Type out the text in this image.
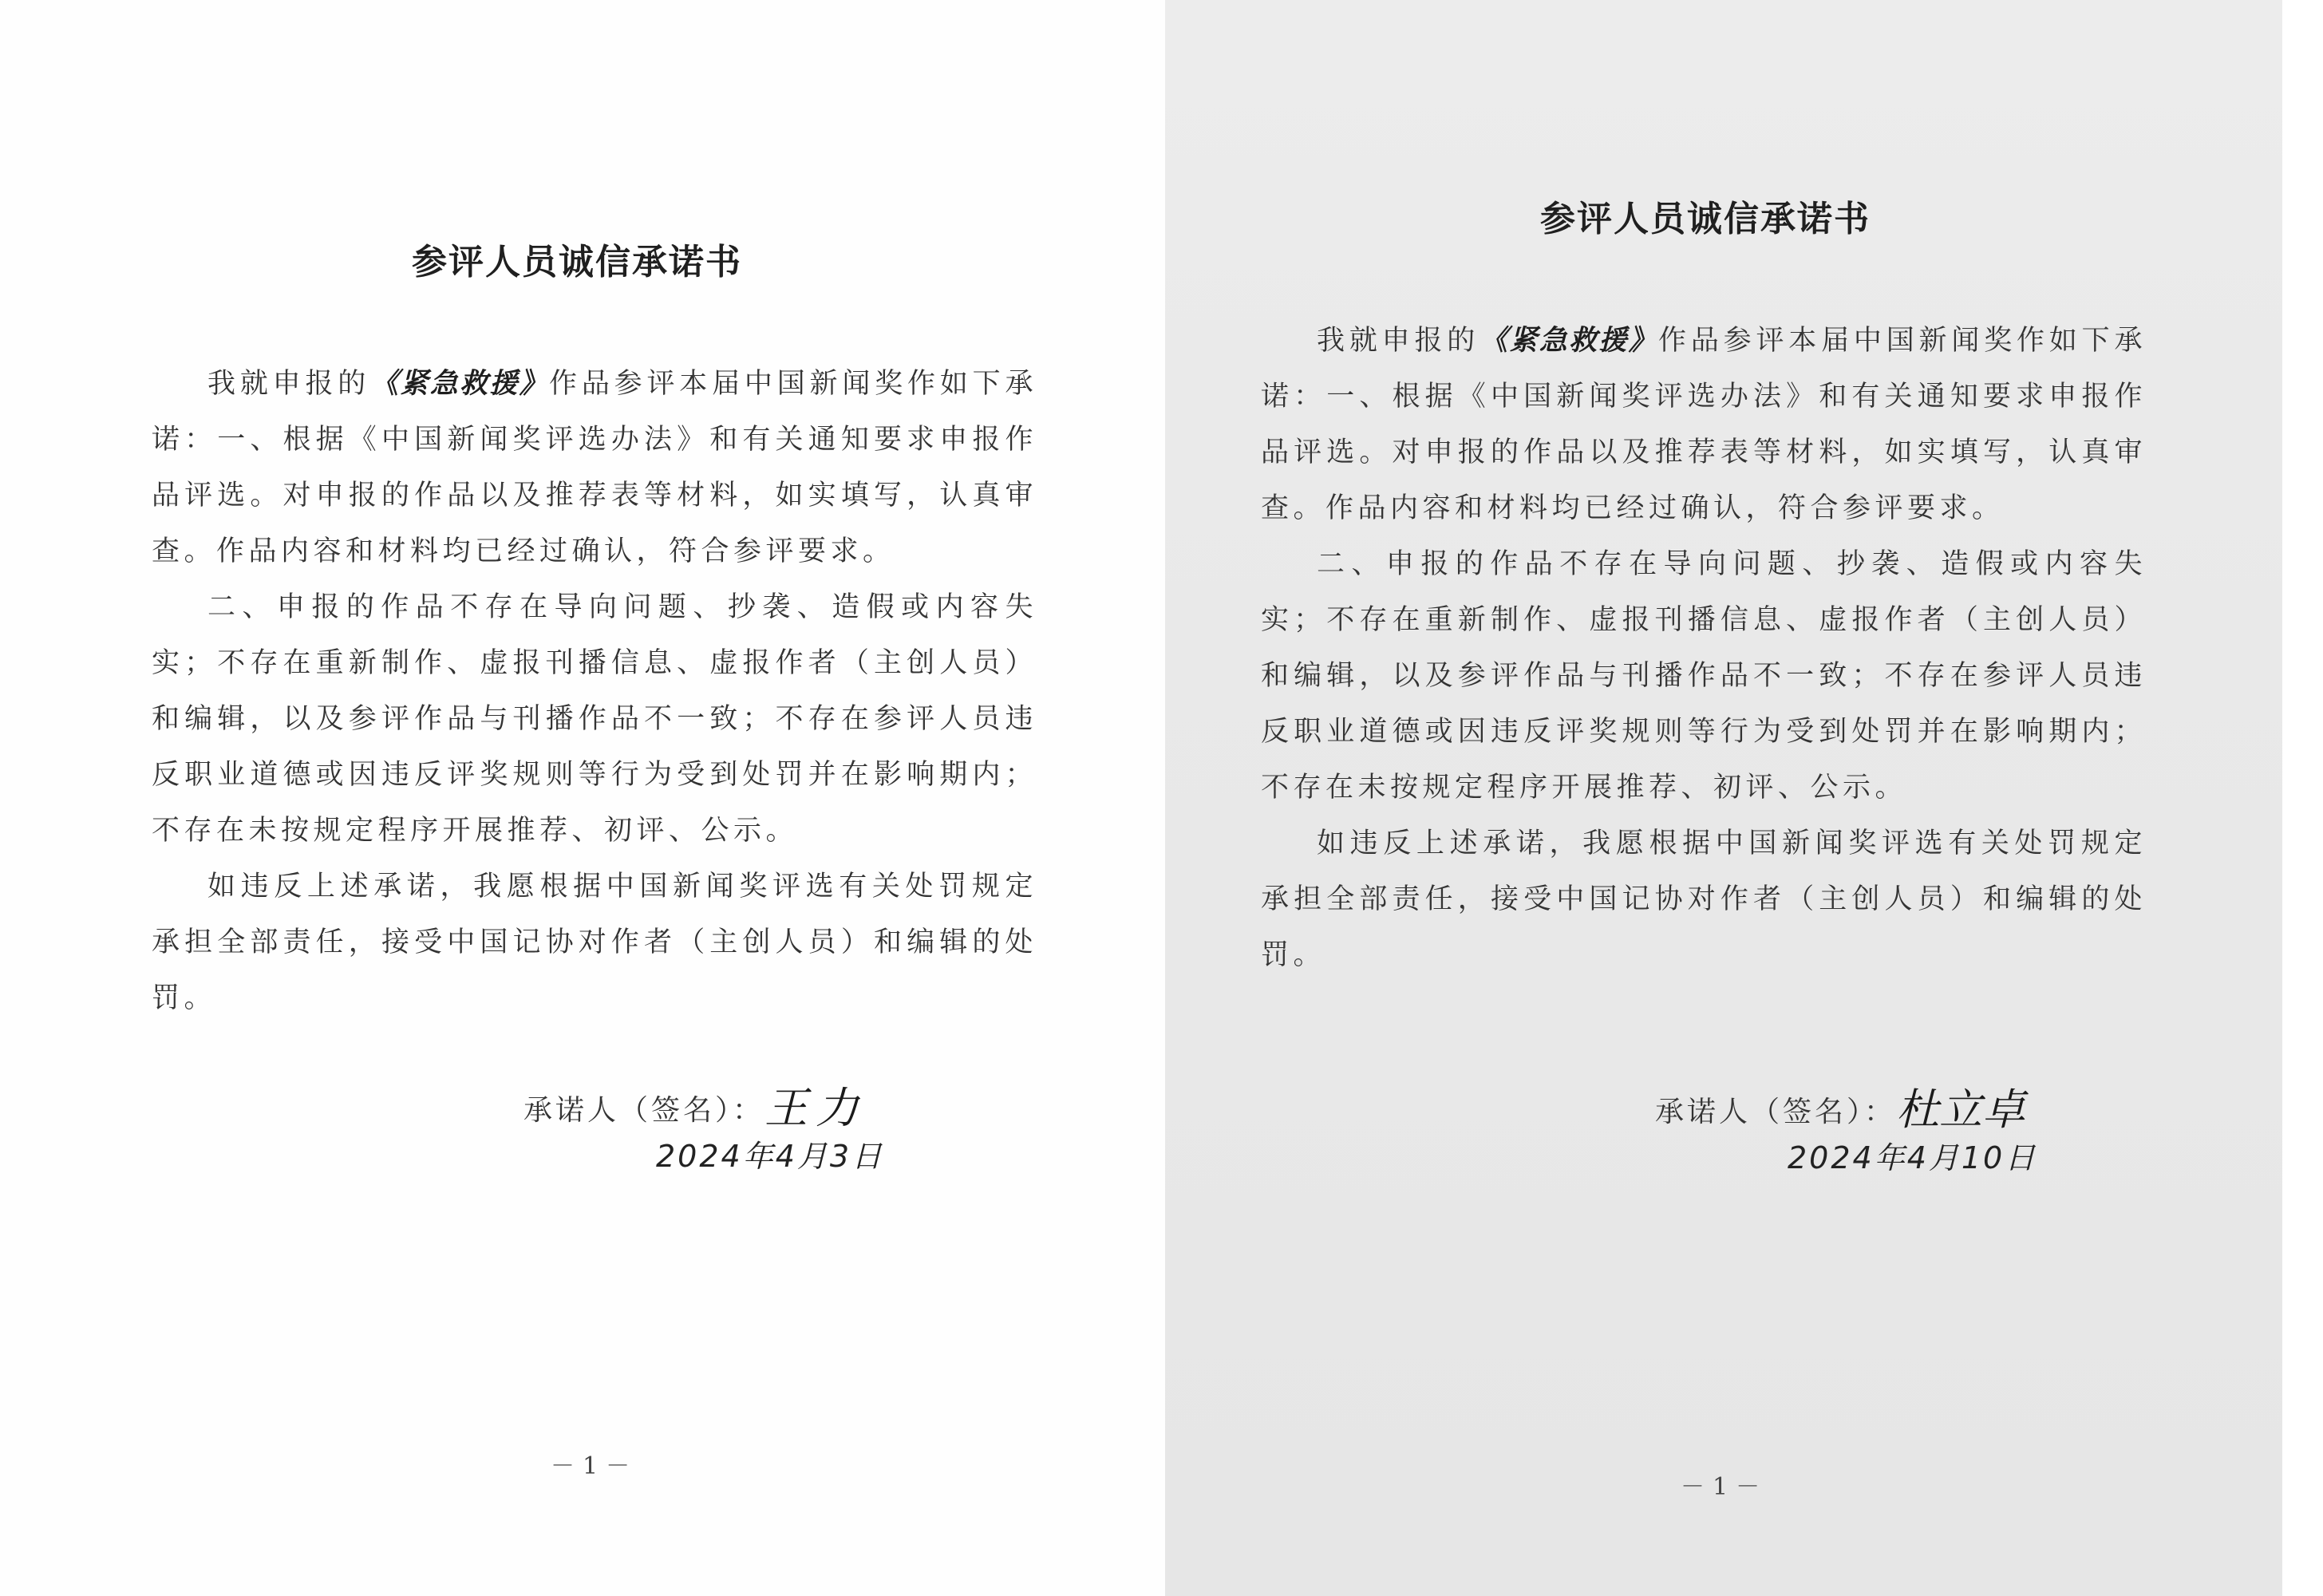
参评人员诚信承诺书

我就申报的《紧急救援》作品参评本届中国新闻奖作如下承诺：一、根据《中国新闻奖评选办法》和有关通知要求申报作品评选。对申报的作品以及推荐表等材料，如实填写，认真审查。作品内容和材料均已经过确认，符合参评要求。

二、申报的作品不存在导向问题、抄袭、造假或内容失实；不存在重新制作、虚报刊播信息、虚报作者（主创人员）和编辑，以及参评作品与刊播作品不一致；不存在参评人员违反职业道德或因违反评奖规则等行为受到处罚并在影响期内；不存在未按规定程序开展推荐、初评、公示。

如违反上述承诺，我愿根据中国新闻奖评选有关处罚规定承担全部责任，接受中国记协对作者（主创人员）和编辑的处罚。

承诺人（签名）：王力
2024年4月3日
－1－
参评人员诚信承诺书

我就申报的《紧急救援》作品参评本届中国新闻奖作如下承诺：一、根据《中国新闻奖评选办法》和有关通知要求申报作品评选。对申报的作品以及推荐表等材料，如实填写，认真审查。作品内容和材料均已经过确认，符合参评要求。

二、申报的作品不存在导向问题、抄袭、造假或内容失实；不存在重新制作、虚报刊播信息、虚报作者（主创人员）和编辑，以及参评作品与刊播作品不一致；不存在参评人员违反职业道德或因违反评奖规则等行为受到处罚并在影响期内；不存在未按规定程序开展推荐、初评、公示。

如违反上述承诺，我愿根据中国新闻奖评选有关处罚规定承担全部责任，接受中国记协对作者（主创人员）和编辑的处罚。

承诺人（签名）：杜立卓
2024年4月10日
－1－
